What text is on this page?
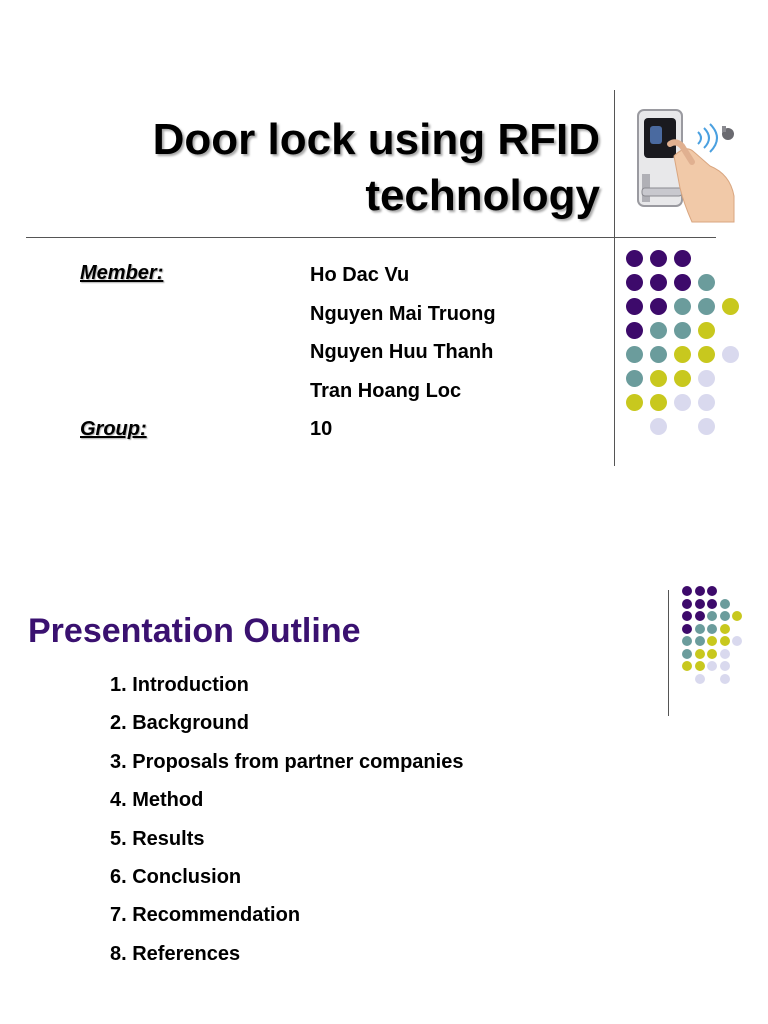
Door lock using RFID
technology
Member:	Ho Dac Vu
Nguyen Mai Truong
Nguyen Huu Thanh
Tran Hoang Loc
Group:	10
Presentation Outline
1. Introduction
2. Background
3. Proposals from partner companies
4. Method
5. Results
6. Conclusion
7. Recommendation
8. References
